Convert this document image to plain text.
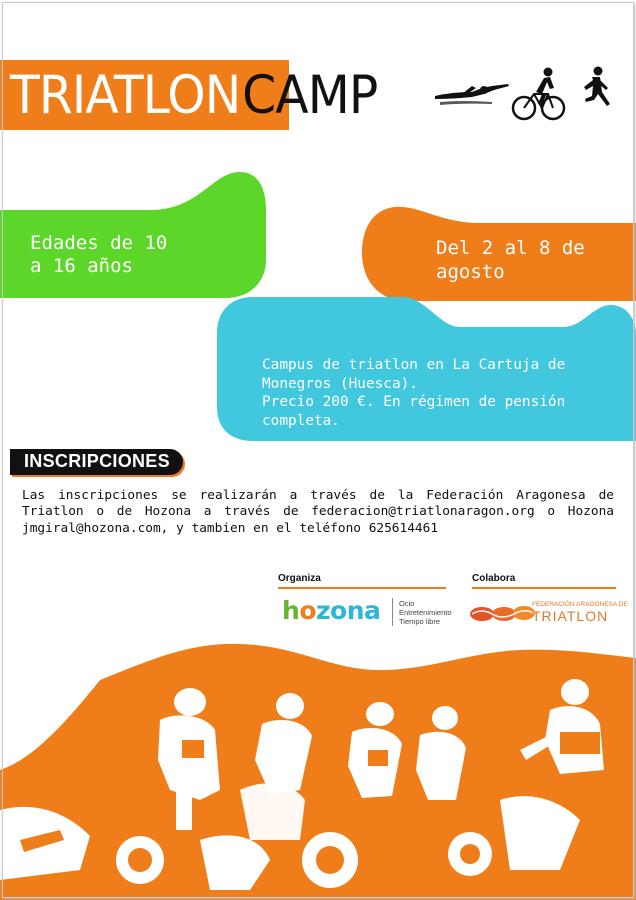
TRIATLON CAMP
Edades de 10
a 16 años
Del 2 al 8 de
agosto
Campus de triatlon en La Cartuja de
Monegros (Huesca).
Precio 200 €. En régimen de pensión
completa.
INSCRIPCIONES
Las inscripciones se realizarán a través de la Federación Aragonesa de Triatlon o de Hozona a través de federacion@triatlonaragon.org o Hozona jmgiral@hozona.com, y tambien en el teléfono 625614461
Organiza	Colabora
hozona Ocio
Entretenimiento
Tiempo libre
FEDERACIÓN ARAGONESA DE
TRIATLON
